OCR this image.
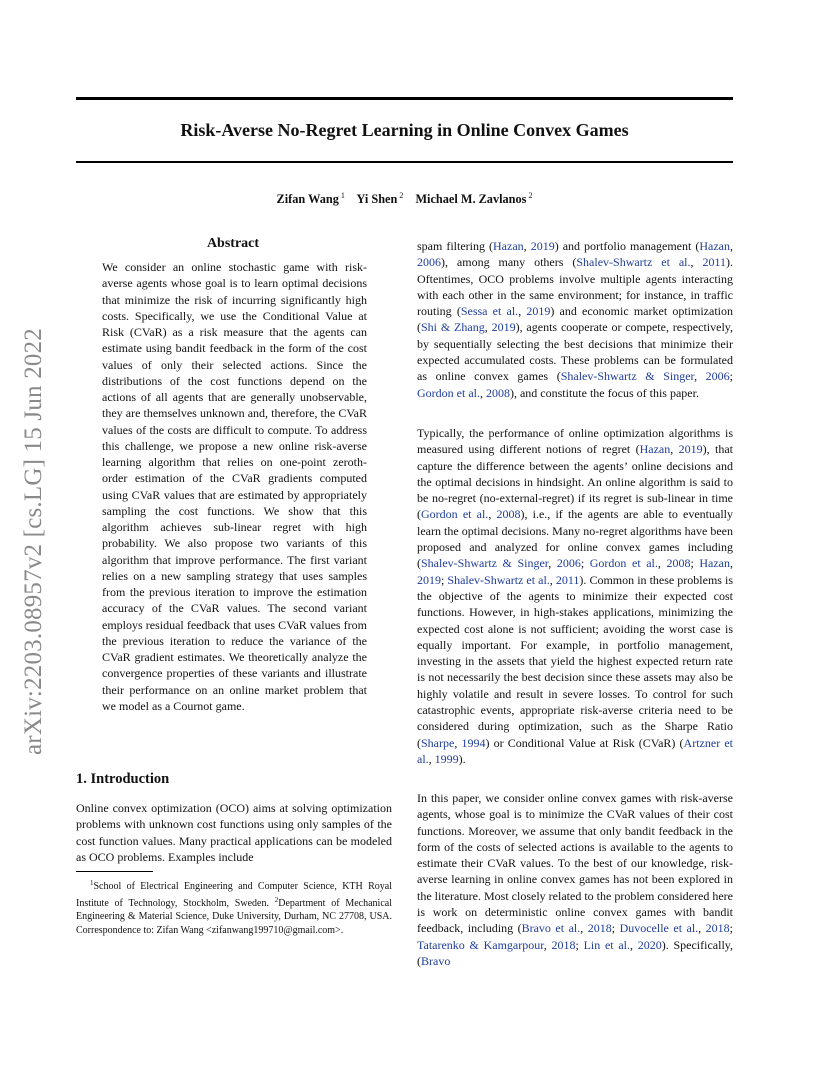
Risk-Averse No-Regret Learning in Online Convex Games
Zifan Wang $^1$ Yi Shen $^2$ Michael M. Zavlanos $^2$
arXiv:2203.08957v2 [cs.LG] 15 Jun 2022
Abstract

We consider an online stochastic game with risk-averse agents whose goal is to learn optimal decisions that minimize the risk of incurring significantly high costs. Specifically, we use the Conditional Value at Risk (CVaR) as a risk measure that the agents can estimate using bandit feedback in the form of the cost values of only their selected actions. Since the distributions of the cost functions depend on the actions of all agents that are generally unobservable, they are themselves unknown and, therefore, the CVaR values of the costs are difficult to compute. To address this challenge, we propose a new online risk-averse learning algorithm that relies on one-point zeroth-order estimation of the CVaR gradients computed using CVaR values that are estimated by appropriately sampling the cost functions. We show that this algorithm achieves sub-linear regret with high probability. We also propose two variants of this algorithm that improve performance. The first variant relies on a new sampling strategy that uses samples from the previous iteration to improve the estimation accuracy of the CVaR values. The second variant employs residual feedback that uses CVaR values from the previous iteration to reduce the variance of the CVaR gradient estimates. We theoretically analyze the convergence properties of these variants and illustrate their performance on an online market problem that we model as a Cournot game.

1. Introduction

Online convex optimization (OCO) aims at solving optimization problems with unknown cost functions using only samples of the cost function values. Many practical applications can be modeled as OCO problems. Examples include

$^1$School of Electrical Engineering and Computer Science, KTH Royal Institute of Technology, Stockholm, Sweden. $^2$Department of Mechanical Engineering & Material Science, Duke University, Durham, NC 27708, USA. Correspondence to: Zifan Wang <zifanwang199710@gmail.com>.

spam filtering (Hazan, 2019) and portfolio management (Hazan, 2006), among many others (Shalev-Shwartz et al., 2011). Oftentimes, OCO problems involve multiple agents interacting with each other in the same environment; for instance, in traffic routing (Sessa et al., 2019) and economic market optimization (Shi & Zhang, 2019), agents cooperate or compete, respectively, by sequentially selecting the best decisions that minimize their expected accumulated costs. These problems can be formulated as online convex games (Shalev-Shwartz & Singer, 2006; Gordon et al., 2008), and constitute the focus of this paper.

Typically, the performance of online optimization algorithms is measured using different notions of regret (Hazan, 2019), that capture the difference between the agents’ online decisions and the optimal decisions in hindsight. An online algorithm is said to be no-regret (no-external-regret) if its regret is sub-linear in time (Gordon et al., 2008), i.e., if the agents are able to eventually learn the optimal decisions. Many no-regret algorithms have been proposed and analyzed for online convex games including (Shalev-Shwartz & Singer, 2006; Gordon et al., 2008; Hazan, 2019; Shalev-Shwartz et al., 2011). Common in these problems is the objective of the agents to minimize their expected cost functions. However, in high-stakes applications, minimizing the expected cost alone is not sufficient; avoiding the worst case is equally important. For example, in portfolio management, investing in the assets that yield the highest expected return rate is not necessarily the best decision since these assets may also be highly volatile and result in severe losses. To control for such catastrophic events, appropriate risk-averse criteria need to be considered during optimization, such as the Sharpe Ratio (Sharpe, 1994) or Conditional Value at Risk (CVaR) (Artzner et al., 1999).

In this paper, we consider online convex games with risk-averse agents, whose goal is to minimize the CVaR values of their cost functions. Moreover, we assume that only bandit feedback in the form of the costs of selected actions is available to the agents to estimate their CVaR values. To the best of our knowledge, risk-averse learning in online convex games has not been explored in the literature. Most closely related to the problem considered here is work on deterministic online convex games with bandit feedback, including (Bravo et al., 2018; Duvocelle et al., 2018; Tatarenko & Kamgarpour, 2018; Lin et al., 2020). Specifically, (Bravo
